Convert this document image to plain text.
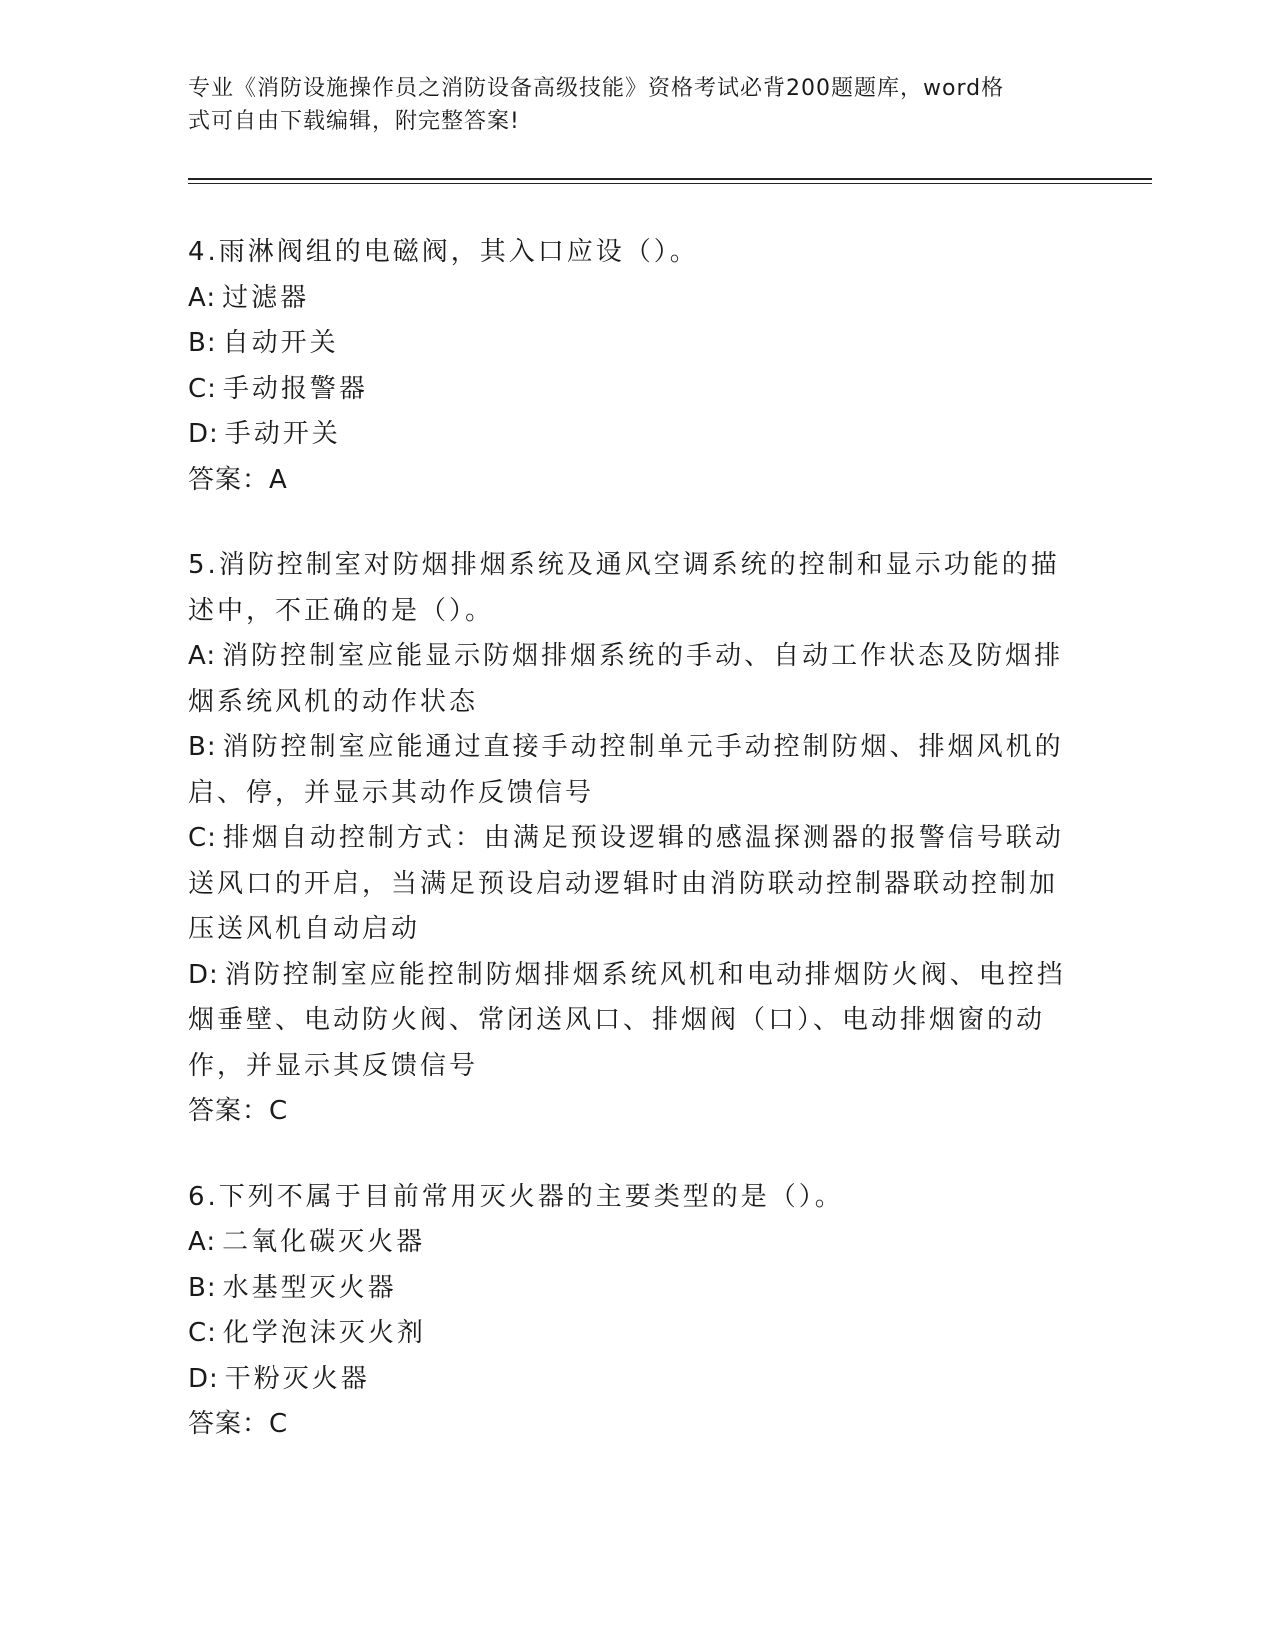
专业《消防设施操作员之消防设备高级技能》资格考试必背200题题库，word格
式可自由下载编辑，附完整答案!

4.雨淋阀组的电磁阀，其入口应设（）。

A: 过滤器

B: 自动开关

C: 手动报警器

D: 手动开关

答案：A

5.消防控制室对防烟排烟系统及通风空调系统的控制和显示功能的描

述中，不正确的是（）。

A: 消防控制室应能显示防烟排烟系统的手动、自动工作状态及防烟排

烟系统风机的动作状态

B: 消防控制室应能通过直接手动控制单元手动控制防烟、排烟风机的

启、停，并显示其动作反馈信号

C: 排烟自动控制方式：由满足预设逻辑的感温探测器的报警信号联动

送风口的开启，当满足预设启动逻辑时由消防联动控制器联动控制加

压送风机自动启动

D: 消防控制室应能控制防烟排烟系统风机和电动排烟防火阀、电控挡

烟垂壁、电动防火阀、常闭送风口、排烟阀（口）、电动排烟窗的动

作，并显示其反馈信号

答案：C

6.下列不属于目前常用灭火器的主要类型的是（）。

A: 二氧化碳灭火器

B: 水基型灭火器

C: 化学泡沫灭火剂

D: 干粉灭火器

答案：C
